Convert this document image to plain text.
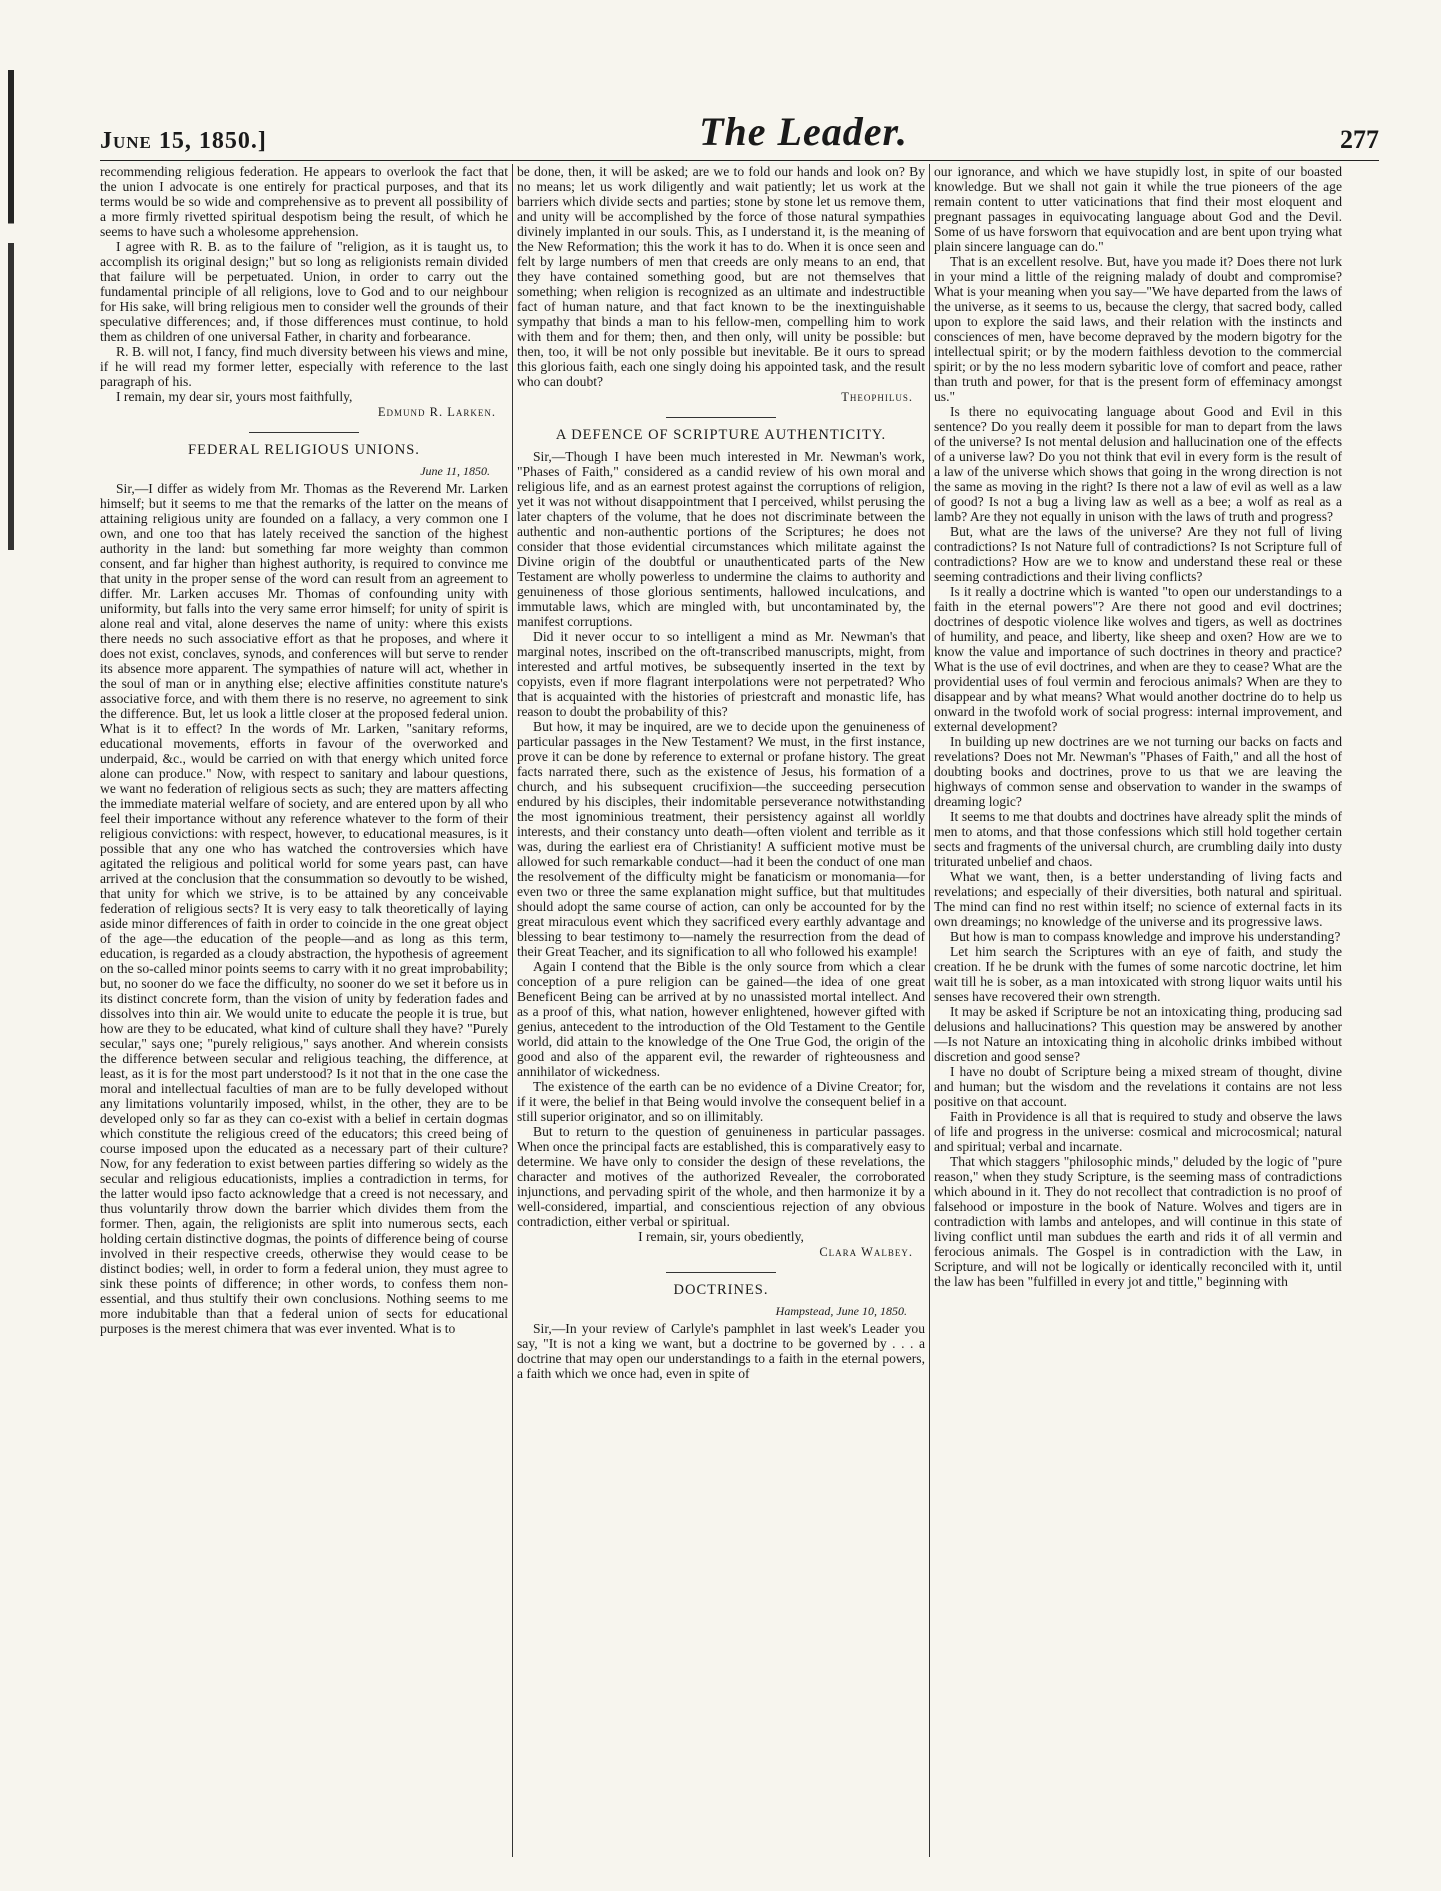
June 15, 1850.]	The Leader.	277

recommending religious federation. He appears to overlook the fact that the union I advocate is one entirely for practical purposes, and that its terms would be so wide and comprehensive as to prevent all possibility of a more firmly rivetted spiritual despotism being the result, of which he seems to have such a wholesome apprehension.

I agree with R. B. as to the failure of "religion, as it is taught us, to accomplish its original design;" but so long as religionists remain divided that failure will be perpetuated. Union, in order to carry out the fundamental principle of all religions, love to God and to our neighbour for His sake, will bring religious men to consider well the grounds of their speculative differences; and, if those differences must continue, to hold them as children of one universal Father, in charity and forbearance.

R. B. will not, I fancy, find much diversity between his views and mine, if he will read my former letter, especially with reference to the last paragraph of his.

I remain, my dear sir, yours most faithfully,

Edmund R. Larken.
FEDERAL RELIGIOUS UNIONS.
June 11, 1850.

Sir,—I differ as widely from Mr. Thomas as the Reverend Mr. Larken himself; but it seems to me that the remarks of the latter on the means of attaining religious unity are founded on a fallacy, a very common one I own, and one too that has lately received the sanction of the highest authority in the land: but something far more weighty than common consent, and far higher than highest authority, is required to convince me that unity in the proper sense of the word can result from an agreement to differ. Mr. Larken accuses Mr. Thomas of confounding unity with uniformity, but falls into the very same error himself; for unity of spirit is alone real and vital, alone deserves the name of unity: where this exists there needs no such associative effort as that he proposes, and where it does not exist, conclaves, synods, and conferences will but serve to render its absence more apparent. The sympathies of nature will act, whether in the soul of man or in anything else; elective affinities constitute nature's associative force, and with them there is no reserve, no agreement to sink the difference. But, let us look a little closer at the proposed federal union. What is it to effect? In the words of Mr. Larken, "sanitary reforms, educational movements, efforts in favour of the overworked and underpaid, &c., would be carried on with that energy which united force alone can produce." Now, with respect to sanitary and labour questions, we want no federation of religious sects as such; they are matters affecting the immediate material welfare of society, and are entered upon by all who feel their importance without any reference whatever to the form of their religious convictions: with respect, however, to educational measures, is it possible that any one who has watched the controversies which have agitated the religious and political world for some years past, can have arrived at the conclusion that the consummation so devoutly to be wished, that unity for which we strive, is to be attained by any conceivable federation of religious sects? It is very easy to talk theoretically of laying aside minor differences of faith in order to coincide in the one great object of the age—the education of the people—and as long as this term, education, is regarded as a cloudy abstraction, the hypothesis of agreement on the so-called minor points seems to carry with it no great improbability; but, no sooner do we face the difficulty, no sooner do we set it before us in its distinct concrete form, than the vision of unity by federation fades and dissolves into thin air. We would unite to educate the people it is true, but how are they to be educated, what kind of culture shall they have? "Purely secular," says one; "purely religious," says another. And wherein consists the difference between secular and religious teaching, the difference, at least, as it is for the most part understood? Is it not that in the one case the moral and intellectual faculties of man are to be fully developed without any limitations voluntarily imposed, whilst, in the other, they are to be developed only so far as they can co-exist with a belief in certain dogmas which constitute the religious creed of the educators; this creed being of course imposed upon the educated as a necessary part of their culture? Now, for any federation to exist between parties differing so widely as the secular and religious educationists, implies a contradiction in terms, for the latter would ipso facto acknowledge that a creed is not necessary, and thus voluntarily throw down the barrier which divides them from the former. Then, again, the religionists are split into numerous sects, each holding certain distinctive dogmas, the points of difference being of course involved in their respective creeds, otherwise they would cease to be distinct bodies; well, in order to form a federal union, they must agree to sink these points of difference; in other words, to confess them non-essential, and thus stultify their own conclusions. Nothing seems to me more indubitable than that a federal union of sects for educational purposes is the merest chimera that was ever invented. What is to

be done, then, it will be asked; are we to fold our hands and look on? By no means; let us work diligently and wait patiently; let us work at the barriers which divide sects and parties; stone by stone let us remove them, and unity will be accomplished by the force of those natural sympathies divinely implanted in our souls. This, as I understand it, is the meaning of the New Reformation; this the work it has to do. When it is once seen and felt by large numbers of men that creeds are only means to an end, that they have contained something good, but are not themselves that something; when religion is recognized as an ultimate and indestructible fact of human nature, and that fact known to be the inextinguishable sympathy that binds a man to his fellow-men, compelling him to work with them and for them; then, and then only, will unity be possible: but then, too, it will be not only possible but inevitable. Be it ours to spread this glorious faith, each one singly doing his appointed task, and the result who can doubt?

Theophilus.
A DEFENCE OF SCRIPTURE AUTHENTICITY.

Sir,—Though I have been much interested in Mr. Newman's work, "Phases of Faith," considered as a candid review of his own moral and religious life, and as an earnest protest against the corruptions of religion, yet it was not without disappointment that I perceived, whilst perusing the later chapters of the volume, that he does not discriminate between the authentic and non-authentic portions of the Scriptures; he does not consider that those evidential circumstances which militate against the Divine origin of the doubtful or unauthenticated parts of the New Testament are wholly powerless to undermine the claims to authority and genuineness of those glorious sentiments, hallowed inculcations, and immutable laws, which are mingled with, but uncontaminated by, the manifest corruptions.

Did it never occur to so intelligent a mind as Mr. Newman's that marginal notes, inscribed on the oft-transcribed manuscripts, might, from interested and artful motives, be subsequently inserted in the text by copyists, even if more flagrant interpolations were not perpetrated? Who that is acquainted with the histories of priestcraft and monastic life, has reason to doubt the probability of this?

But how, it may be inquired, are we to decide upon the genuineness of particular passages in the New Testament? We must, in the first instance, prove it can be done by reference to external or profane history. The great facts narrated there, such as the existence of Jesus, his formation of a church, and his subsequent crucifixion—the succeeding persecution endured by his disciples, their indomitable perseverance notwithstanding the most ignominious treatment, their persistency against all worldly interests, and their constancy unto death—often violent and terrible as it was, during the earliest era of Christianity! A sufficient motive must be allowed for such remarkable conduct—had it been the conduct of one man the resolvement of the difficulty might be fanaticism or monomania—for even two or three the same explanation might suffice, but that multitudes should adopt the same course of action, can only be accounted for by the great miraculous event which they sacrificed every earthly advantage and blessing to bear testimony to—namely the resurrection from the dead of their Great Teacher, and its signification to all who followed his example!

Again I contend that the Bible is the only source from which a clear conception of a pure religion can be gained—the idea of one great Beneficent Being can be arrived at by no unassisted mortal intellect. And as a proof of this, what nation, however enlightened, however gifted with genius, antecedent to the introduction of the Old Testament to the Gentile world, did attain to the knowledge of the One True God, the origin of the good and also of the apparent evil, the rewarder of righteousness and annihilator of wickedness.

The existence of the earth can be no evidence of a Divine Creator; for, if it were, the belief in that Being would involve the consequent belief in a still superior originator, and so on illimitably.

But to return to the question of genuineness in particular passages. When once the principal facts are established, this is comparatively easy to determine. We have only to consider the design of these revelations, the character and motives of the authorized Revealer, the corroborated injunctions, and pervading spirit of the whole, and then harmonize it by a well-considered, impartial, and conscientious rejection of any obvious contradiction, either verbal or spiritual.

I remain, sir, yours obediently,

Clara Walbey.
DOCTRINES.
Hampstead, June 10, 1850.

Sir,—In your review of Carlyle's pamphlet in last week's Leader you say, "It is not a king we want, but a doctrine to be governed by . . . a doctrine that may open our understandings to a faith in the eternal powers, a faith which we once had, even in spite of

our ignorance, and which we have stupidly lost, in spite of our boasted knowledge. But we shall not gain it while the true pioneers of the age remain content to utter vaticinations that find their most eloquent and pregnant passages in equivocating language about God and the Devil. Some of us have forsworn that equivocation and are bent upon trying what plain sincere language can do."

That is an excellent resolve. But, have you made it? Does there not lurk in your mind a little of the reigning malady of doubt and compromise? What is your meaning when you say—"We have departed from the laws of the universe, as it seems to us, because the clergy, that sacred body, called upon to explore the said laws, and their relation with the instincts and consciences of men, have become depraved by the modern bigotry for the intellectual spirit; or by the modern faithless devotion to the commercial spirit; or by the no less modern sybaritic love of comfort and peace, rather than truth and power, for that is the present form of effeminacy amongst us."

Is there no equivocating language about Good and Evil in this sentence? Do you really deem it possible for man to depart from the laws of the universe? Is not mental delusion and hallucination one of the effects of a universe law? Do you not think that evil in every form is the result of a law of the universe which shows that going in the wrong direction is not the same as moving in the right? Is there not a law of evil as well as a law of good? Is not a bug a living law as well as a bee; a wolf as real as a lamb? Are they not equally in unison with the laws of truth and progress?

But, what are the laws of the universe? Are they not full of living contradictions? Is not Nature full of contradictions? Is not Scripture full of contradictions? How are we to know and understand these real or these seeming contradictions and their living conflicts?

Is it really a doctrine which is wanted "to open our understandings to a faith in the eternal powers"? Are there not good and evil doctrines; doctrines of despotic violence like wolves and tigers, as well as doctrines of humility, and peace, and liberty, like sheep and oxen? How are we to know the value and importance of such doctrines in theory and practice? What is the use of evil doctrines, and when are they to cease? What are the providential uses of foul vermin and ferocious animals? When are they to disappear and by what means? What would another doctrine do to help us onward in the twofold work of social progress: internal improvement, and external development?

In building up new doctrines are we not turning our backs on facts and revelations? Does not Mr. Newman's "Phases of Faith," and all the host of doubting books and doctrines, prove to us that we are leaving the highways of common sense and observation to wander in the swamps of dreaming logic?

It seems to me that doubts and doctrines have already split the minds of men to atoms, and that those confessions which still hold together certain sects and fragments of the universal church, are crumbling daily into dusty triturated unbelief and chaos.

What we want, then, is a better understanding of living facts and revelations; and especially of their diversities, both natural and spiritual. The mind can find no rest within itself; no science of external facts in its own dreamings; no knowledge of the universe and its progressive laws.

But how is man to compass knowledge and improve his understanding?

Let him search the Scriptures with an eye of faith, and study the creation. If he be drunk with the fumes of some narcotic doctrine, let him wait till he is sober, as a man intoxicated with strong liquor waits until his senses have recovered their own strength.

It may be asked if Scripture be not an intoxicating thing, producing sad delusions and hallucinations? This question may be answered by another—Is not Nature an intoxicating thing in alcoholic drinks imbibed without discretion and good sense?

I have no doubt of Scripture being a mixed stream of thought, divine and human; but the wisdom and the revelations it contains are not less positive on that account.

Faith in Providence is all that is required to study and observe the laws of life and progress in the universe: cosmical and microcosmical; natural and spiritual; verbal and incarnate.

That which staggers "philosophic minds," deluded by the logic of "pure reason," when they study Scripture, is the seeming mass of contradictions which abound in it. They do not recollect that contradiction is no proof of falsehood or imposture in the book of Nature. Wolves and tigers are in contradiction with lambs and antelopes, and will continue in this state of living conflict until man subdues the earth and rids it of all vermin and ferocious animals. The Gospel is in contradiction with the Law, in Scripture, and will not be logically or identically reconciled with it, until the law has been "fulfilled in every jot and tittle," beginning with
